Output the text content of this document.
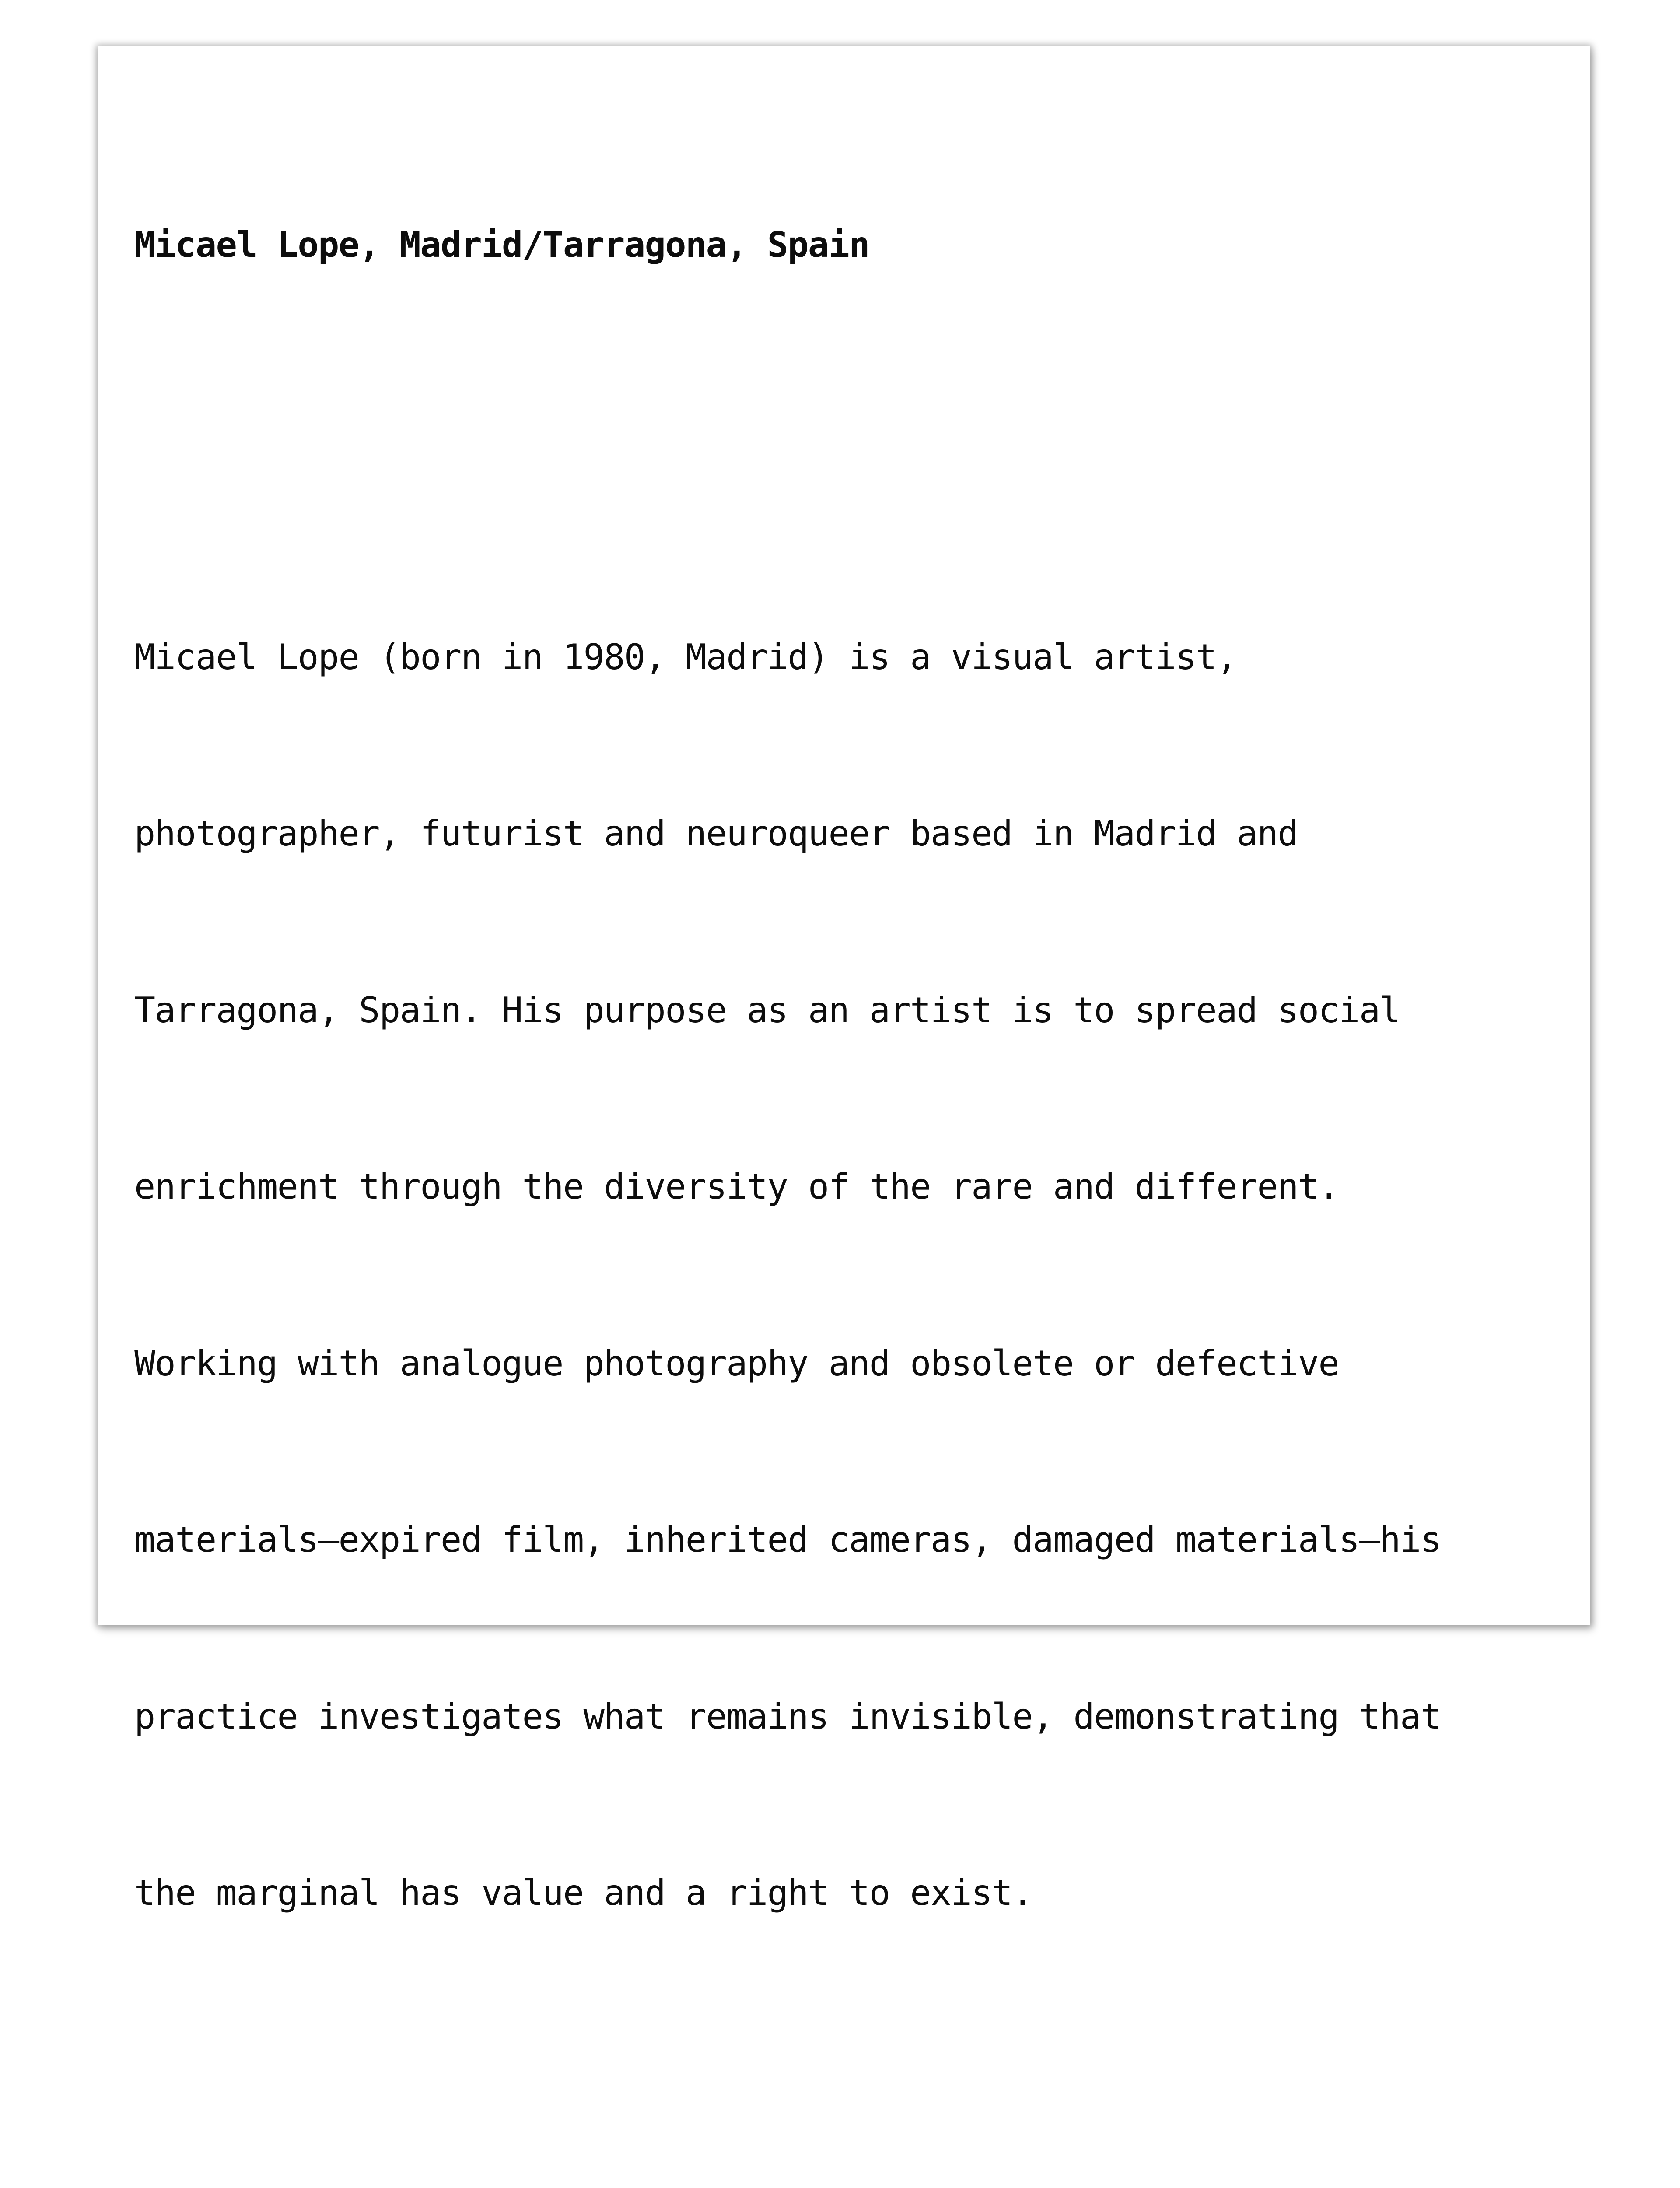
Micael Lope, Madrid/Tarragona, Spain

Micael Lope (born in 1980, Madrid) is a visual artist,

photographer, futurist and neuroqueer based in Madrid and

Tarragona, Spain. His purpose as an artist is to spread social

enrichment through the diversity of the rare and different.

Working with analogue photography and obsolete or defective

materials—expired film, inherited cameras, damaged materials—his

practice investigates what remains invisible, demonstrating that

the marginal has value and a right to exist.
